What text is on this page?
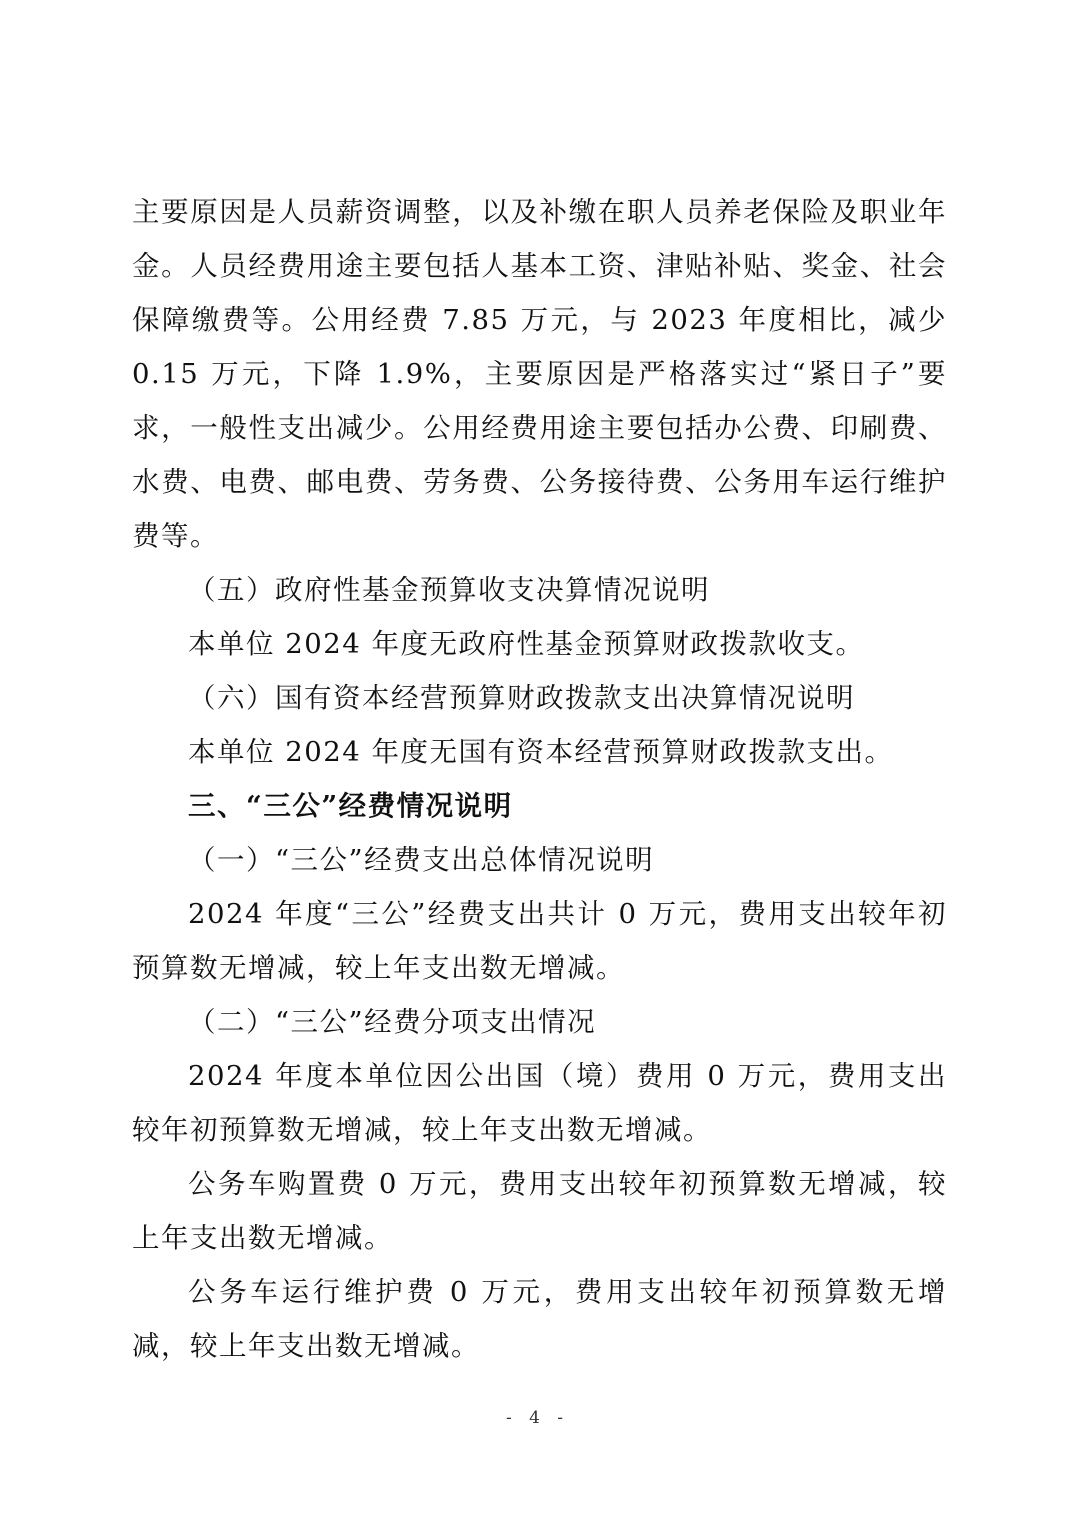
主要原因是人员薪资调整，以及补缴在职人员养老保险及职业年金。人员经费用途主要包括人基本工资、津贴补贴、奖金、社会保障缴费等。公用经费 7.85 万元，与 2023 年度相比，减少 0.15 万元，下降 1.9%，主要原因是严格落实过“紧日子”要求，一般性支出减少。公用经费用途主要包括办公费、印刷费、水费、电费、邮电费、劳务费、公务接待费、公务用车运行维护费等。

（五）政府性基金预算收支决算情况说明

本单位 2024 年度无政府性基金预算财政拨款收支。

（六）国有资本经营预算财政拨款支出决算情况说明

本单位 2024 年度无国有资本经营预算财政拨款支出。

三、“三公”经费情况说明

（一）“三公”经费支出总体情况说明

2024 年度“三公”经费支出共计 0 万元，费用支出较年初预算数无增减，较上年支出数无增减。

（二）“三公”经费分项支出情况

2024 年度本单位因公出国（境）费用 0 万元，费用支出较年初预算数无增减，较上年支出数无增减。

公务车购置费 0 万元，费用支出较年初预算数无增减，较上年支出数无增减。

公务车运行维护费 0 万元，费用支出较年初预算数无增减，较上年支出数无增减。

- 4 -
